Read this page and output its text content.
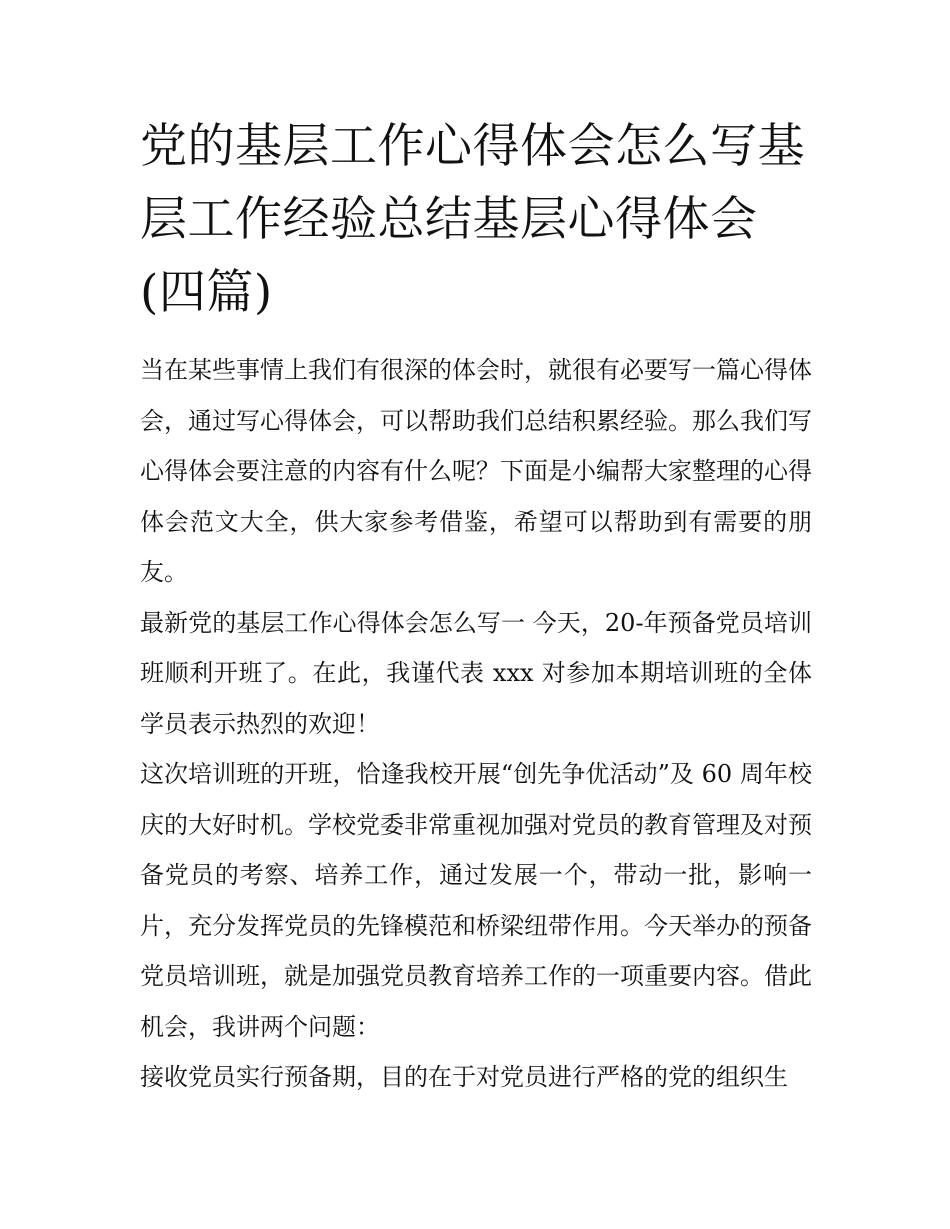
党的基层工作心得体会怎么写基层工作经验总结基层心得体会(四篇)

当在某些事情上我们有很深的体会时，就很有必要写一篇心得体会，通过写心得体会，可以帮助我们总结积累经验。那么我们写心得体会要注意的内容有什么呢？下面是小编帮大家整理的心得体会范文大全，供大家参考借鉴，希望可以帮助到有需要的朋友。

最新党的基层工作心得体会怎么写一 今天，20-年预备党员培训班顺利开班了。在此，我谨代表 xxx 对参加本期培训班的全体学员表示热烈的欢迎！

这次培训班的开班，恰逢我校开展“创先争优活动”及 60 周年校庆的大好时机。学校党委非常重视加强对党员的教育管理及对预备党员的考察、培养工作，通过发展一个，带动一批，影响一片，充分发挥党员的先锋模范和桥梁纽带作用。今天举办的预备党员培训班，就是加强党员教育培养工作的一项重要内容。借此机会，我讲两个问题：

接收党员实行预备期，目的在于对党员进行严格的党的组织生
